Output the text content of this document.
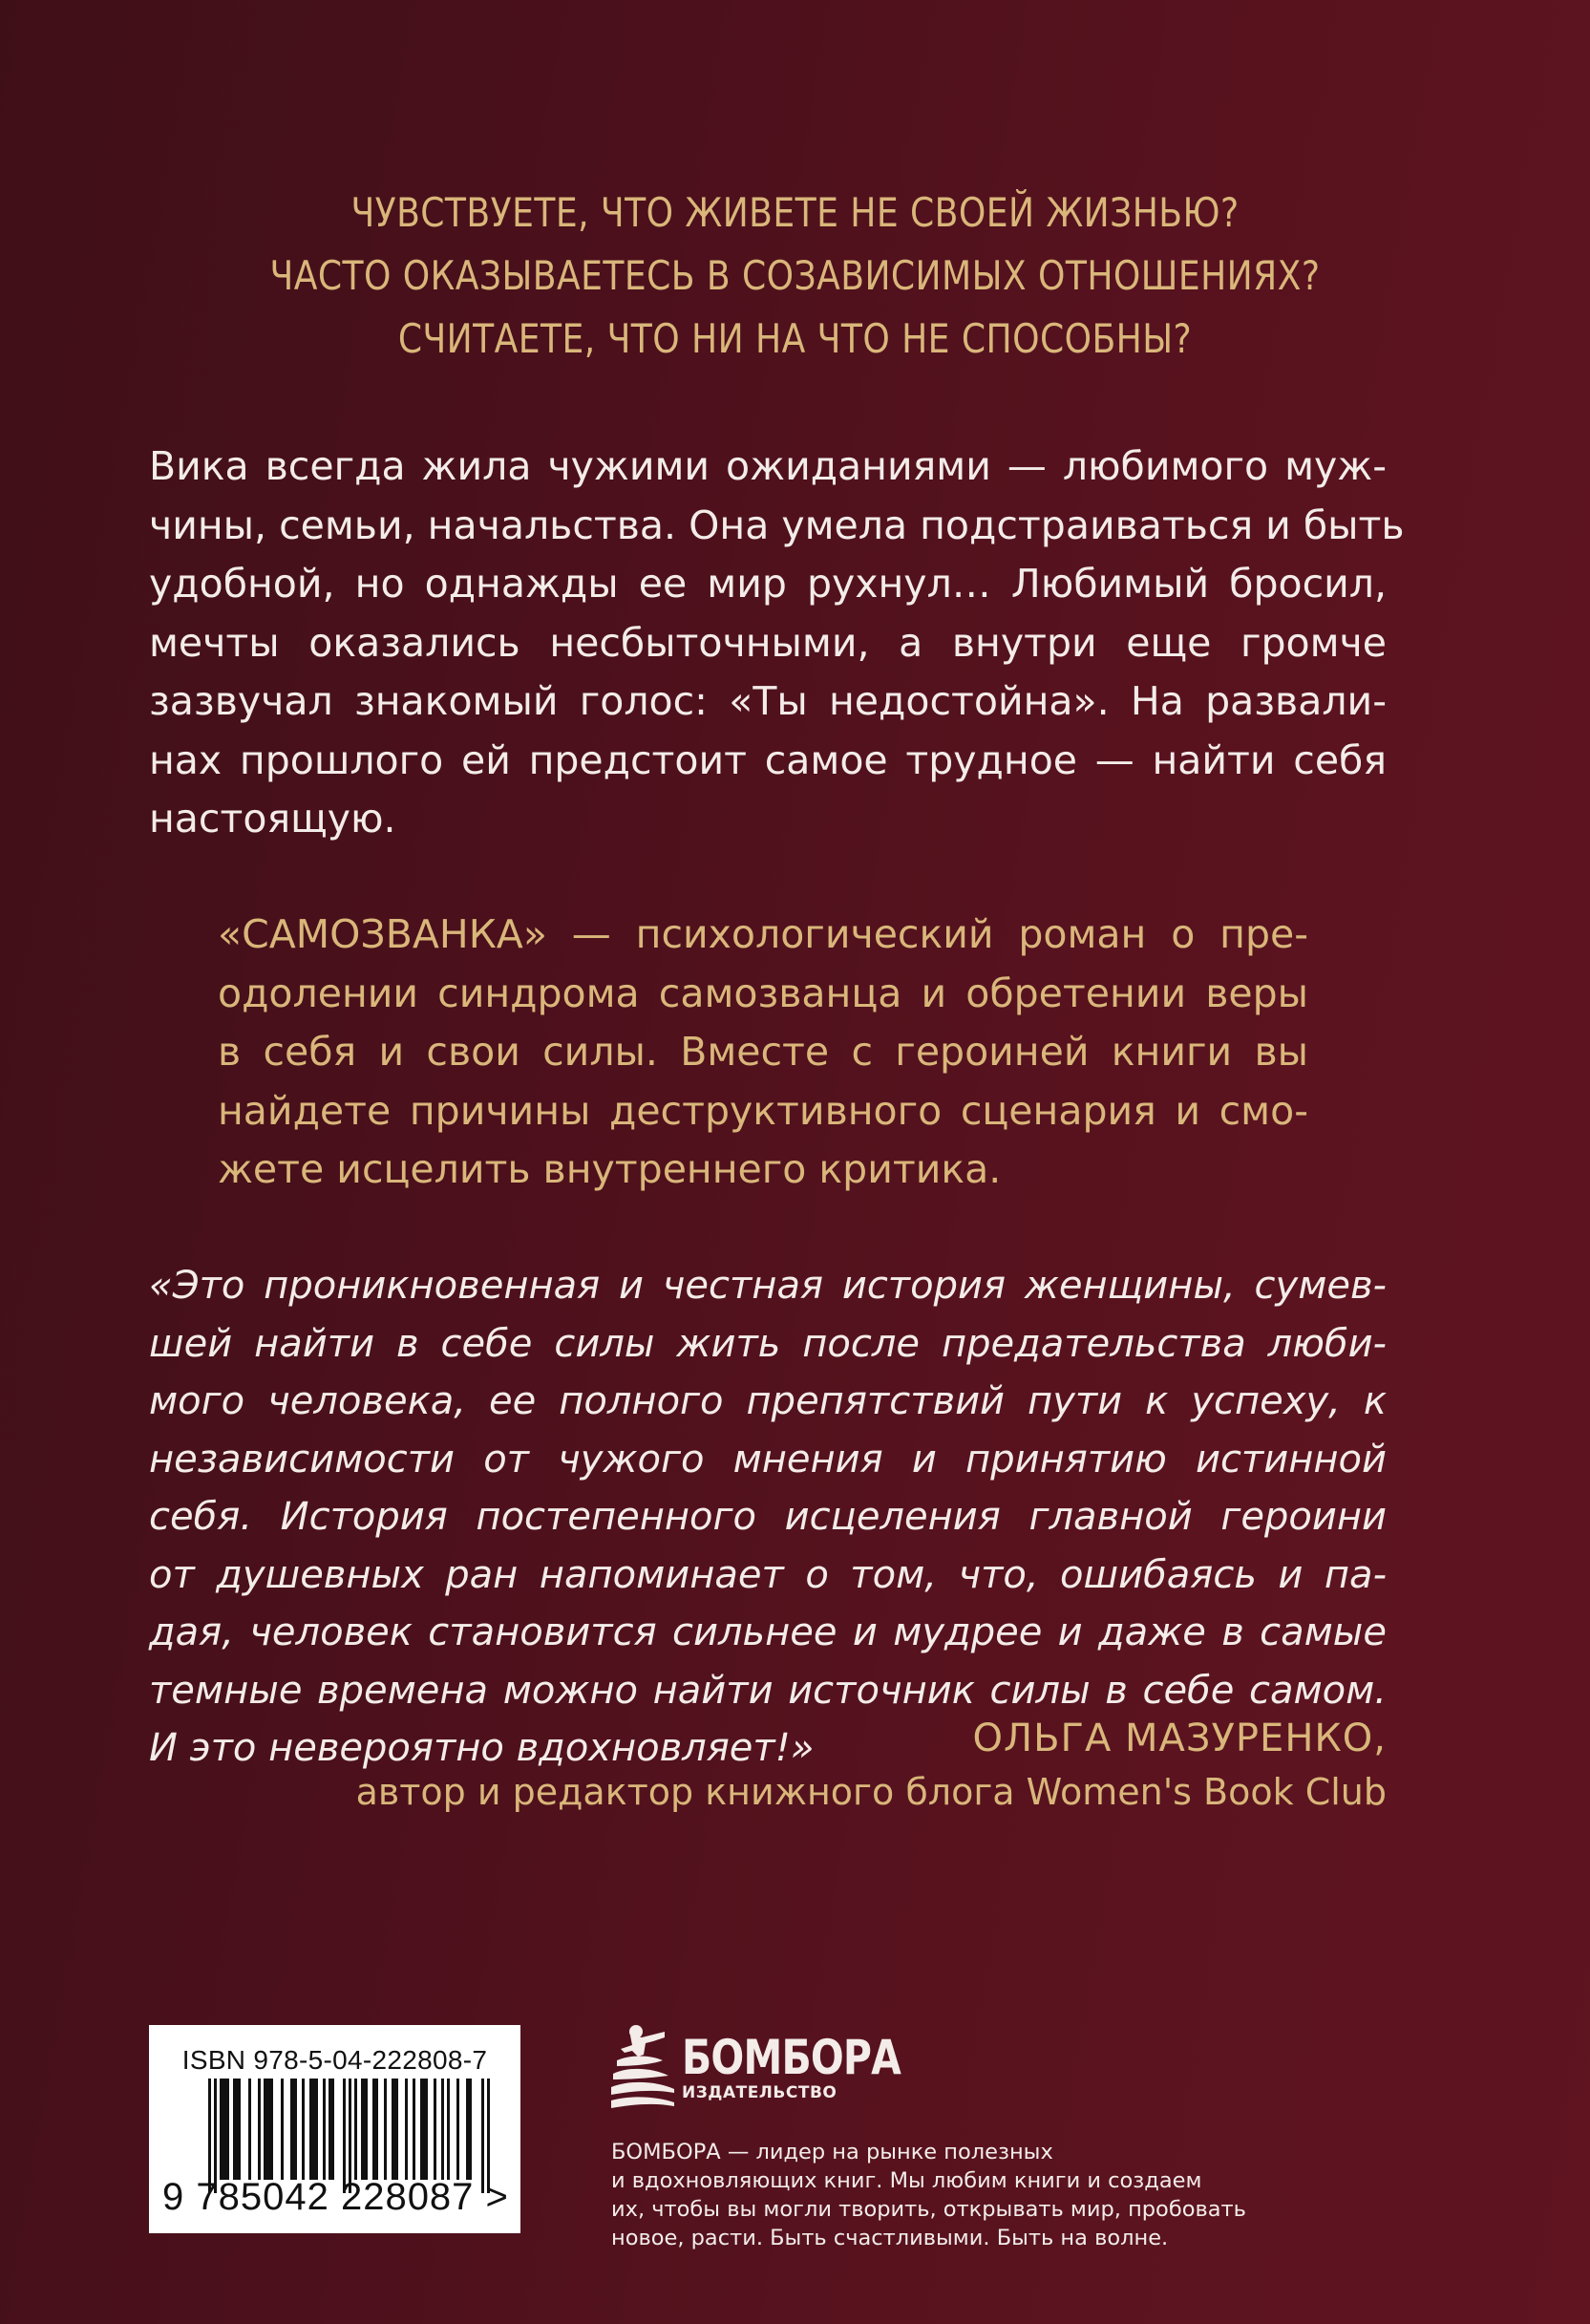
ЧУВСТВУЕТЕ, ЧТО ЖИВЕТЕ НЕ СВОЕЙ ЖИЗНЬЮ?
ЧАСТО ОКАЗЫВАЕТЕСЬ В СОЗАВИСИМЫХ ОТНОШЕНИЯХ?
СЧИТАЕТЕ, ЧТО НИ НА ЧТО НЕ СПОСОБНЫ?
Вика всегда жила чужими ожиданиями — любимого муж-
чины, семьи, начальства. Она умела подстраиваться и быть
удобной, но однажды ее мир рухнул… Любимый бросил,
мечты оказались несбыточными, а внутри еще громче
зазвучал знакомый голос: «Ты недостойна». На развали-
нах прошлого ей предстоит самое трудное — найти себя
настоящую.
«САМОЗВАНКА» — психологический роман о пре-
одолении синдрома самозванца и обретении веры
в себя и свои силы. Вместе с героиней книги вы
найдете причины деструктивного сценария и смо-
жете исцелить внутреннего критика.
«Это проникновенная и честная история женщины, сумев-
шей найти в себе силы жить после предательства люби-
мого человека, ее полного препятствий пути к успеху, к
независимости от чужого мнения и принятию истинной
себя. История постепенного исцеления главной героини
от душевных ран напоминает о том, что, ошибаясь и па-
дая, человек становится сильнее и мудрее и даже в самые
темные времена можно найти источник силы в себе самом.
И это невероятно вдохновляет!»	ОЛЬГА МАЗУРЕНКО,
автор и редактор книжного блога Women's Book Club
ISBN 978-5-04-222808-7
9 785042 228087 >
БОМБОРА
ИЗДАТЕЛЬСТВО
БОМБОРА — лидер на рынке полезных
и вдохновляющих книг. Мы любим книги и создаем
их, чтобы вы могли творить, открывать мир, пробовать
новое, расти. Быть счастливыми. Быть на волне.
